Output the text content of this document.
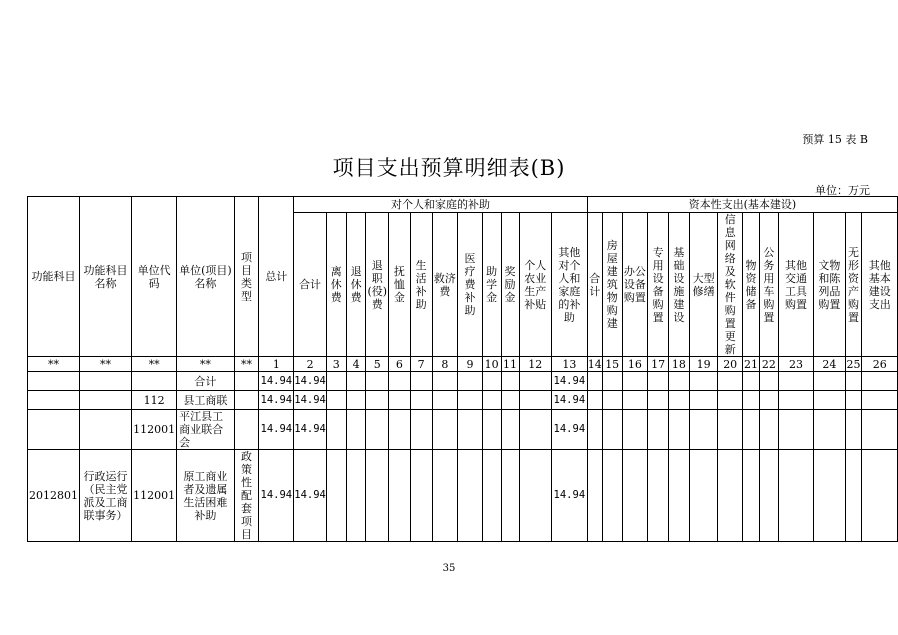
预算 15 表 B
项目支出预算明细表(B)
单位：万元
功能科目	功能科目名称	单位代码	单位(项目)名称	项目类型	总计	对个人和家庭的补助												资本性支出(基本建设)												
						合计	离休费	退休费	退职(役)费	抚恤金	生活补助	救济费	医疗费补助	助学金	奖励金	个人农业生产补贴	其他对个人和家庭的补助	合计	房屋建筑物购建	办公设备购置	专用设备购置	基础设施建设	大型修缮	信息网络及软件购置更新	物资储备	公务用车购置	其他交通工具购置	文物和陈列品购置	无形资产购置	其他基本建设支出
**	**	**	**	**	1	2	3	4	5	6	7	8	9	10	11	12	13	14	15	16	17	18	19	20	21	22	23	24	25	26
			合计		14.94	14.94											14.94													
		112	县工商联		14.94	14.94											14.94													
		112001	平江县工商业联合会		14.94	14.94											14.94													
2012801	行政运行（民主党派及工商联事务）	112001	原工商业者及遗属生活困难补助	政策性配套项目	14.94	14.94											14.94													
35
